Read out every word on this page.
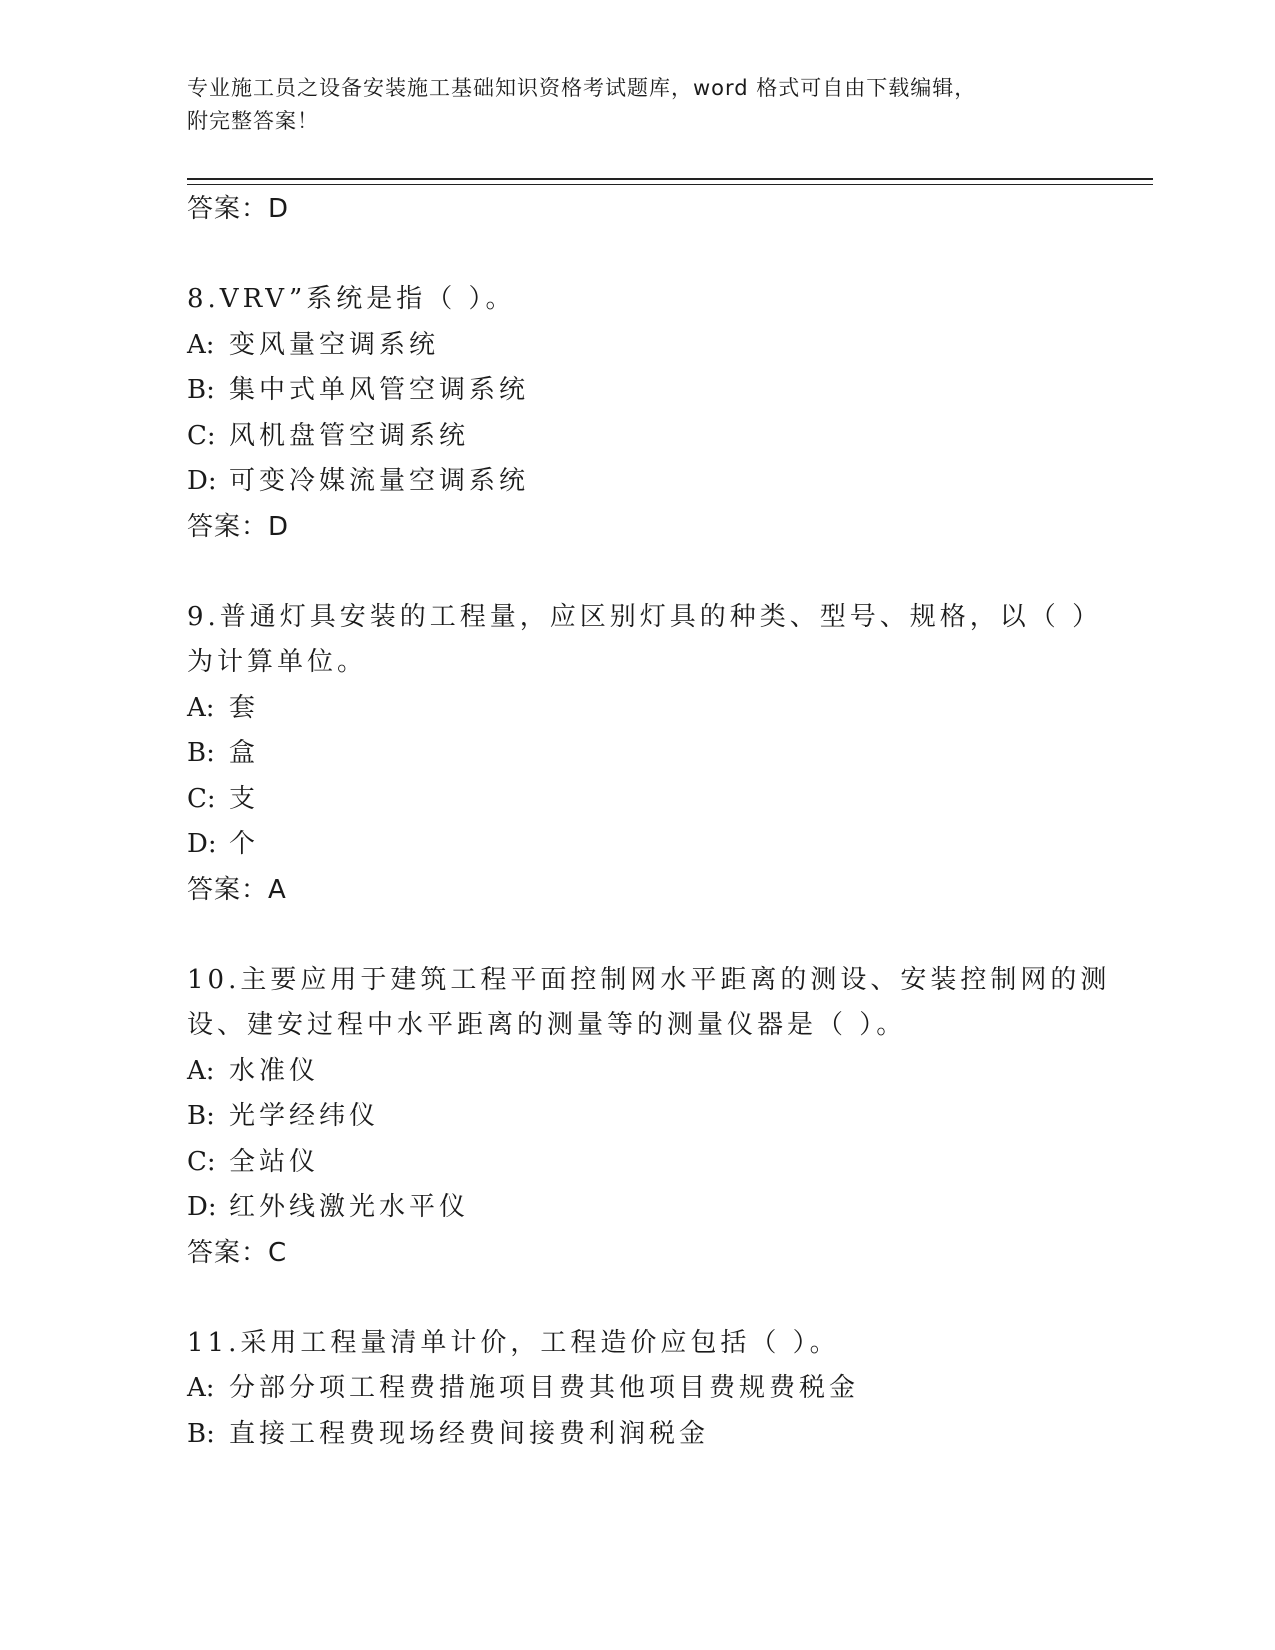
专业施工员之设备安装施工基础知识资格考试题库，word 格式可自由下载编辑，
附完整答案！
答案：D
8.VRV”系统是指（ ）。
A: 变风量空调系统
B: 集中式单风管空调系统
C: 风机盘管空调系统
D: 可变冷媒流量空调系统
答案：D
9.普通灯具安装的工程量，应区别灯具的种类、型号、规格，以（ ）
为计算单位。
A: 套
B: 盒
C: 支
D: 个
答案：A
10.主要应用于建筑工程平面控制网水平距离的测设、安装控制网的测
设、建安过程中水平距离的测量等的测量仪器是（ ）。
A: 水准仪
B: 光学经纬仪
C: 全站仪
D: 红外线激光水平仪
答案：C
11.采用工程量清单计价，工程造价应包括（ ）。
A: 分部分项工程费措施项目费其他项目费规费税金
B: 直接工程费现场经费间接费利润税金
